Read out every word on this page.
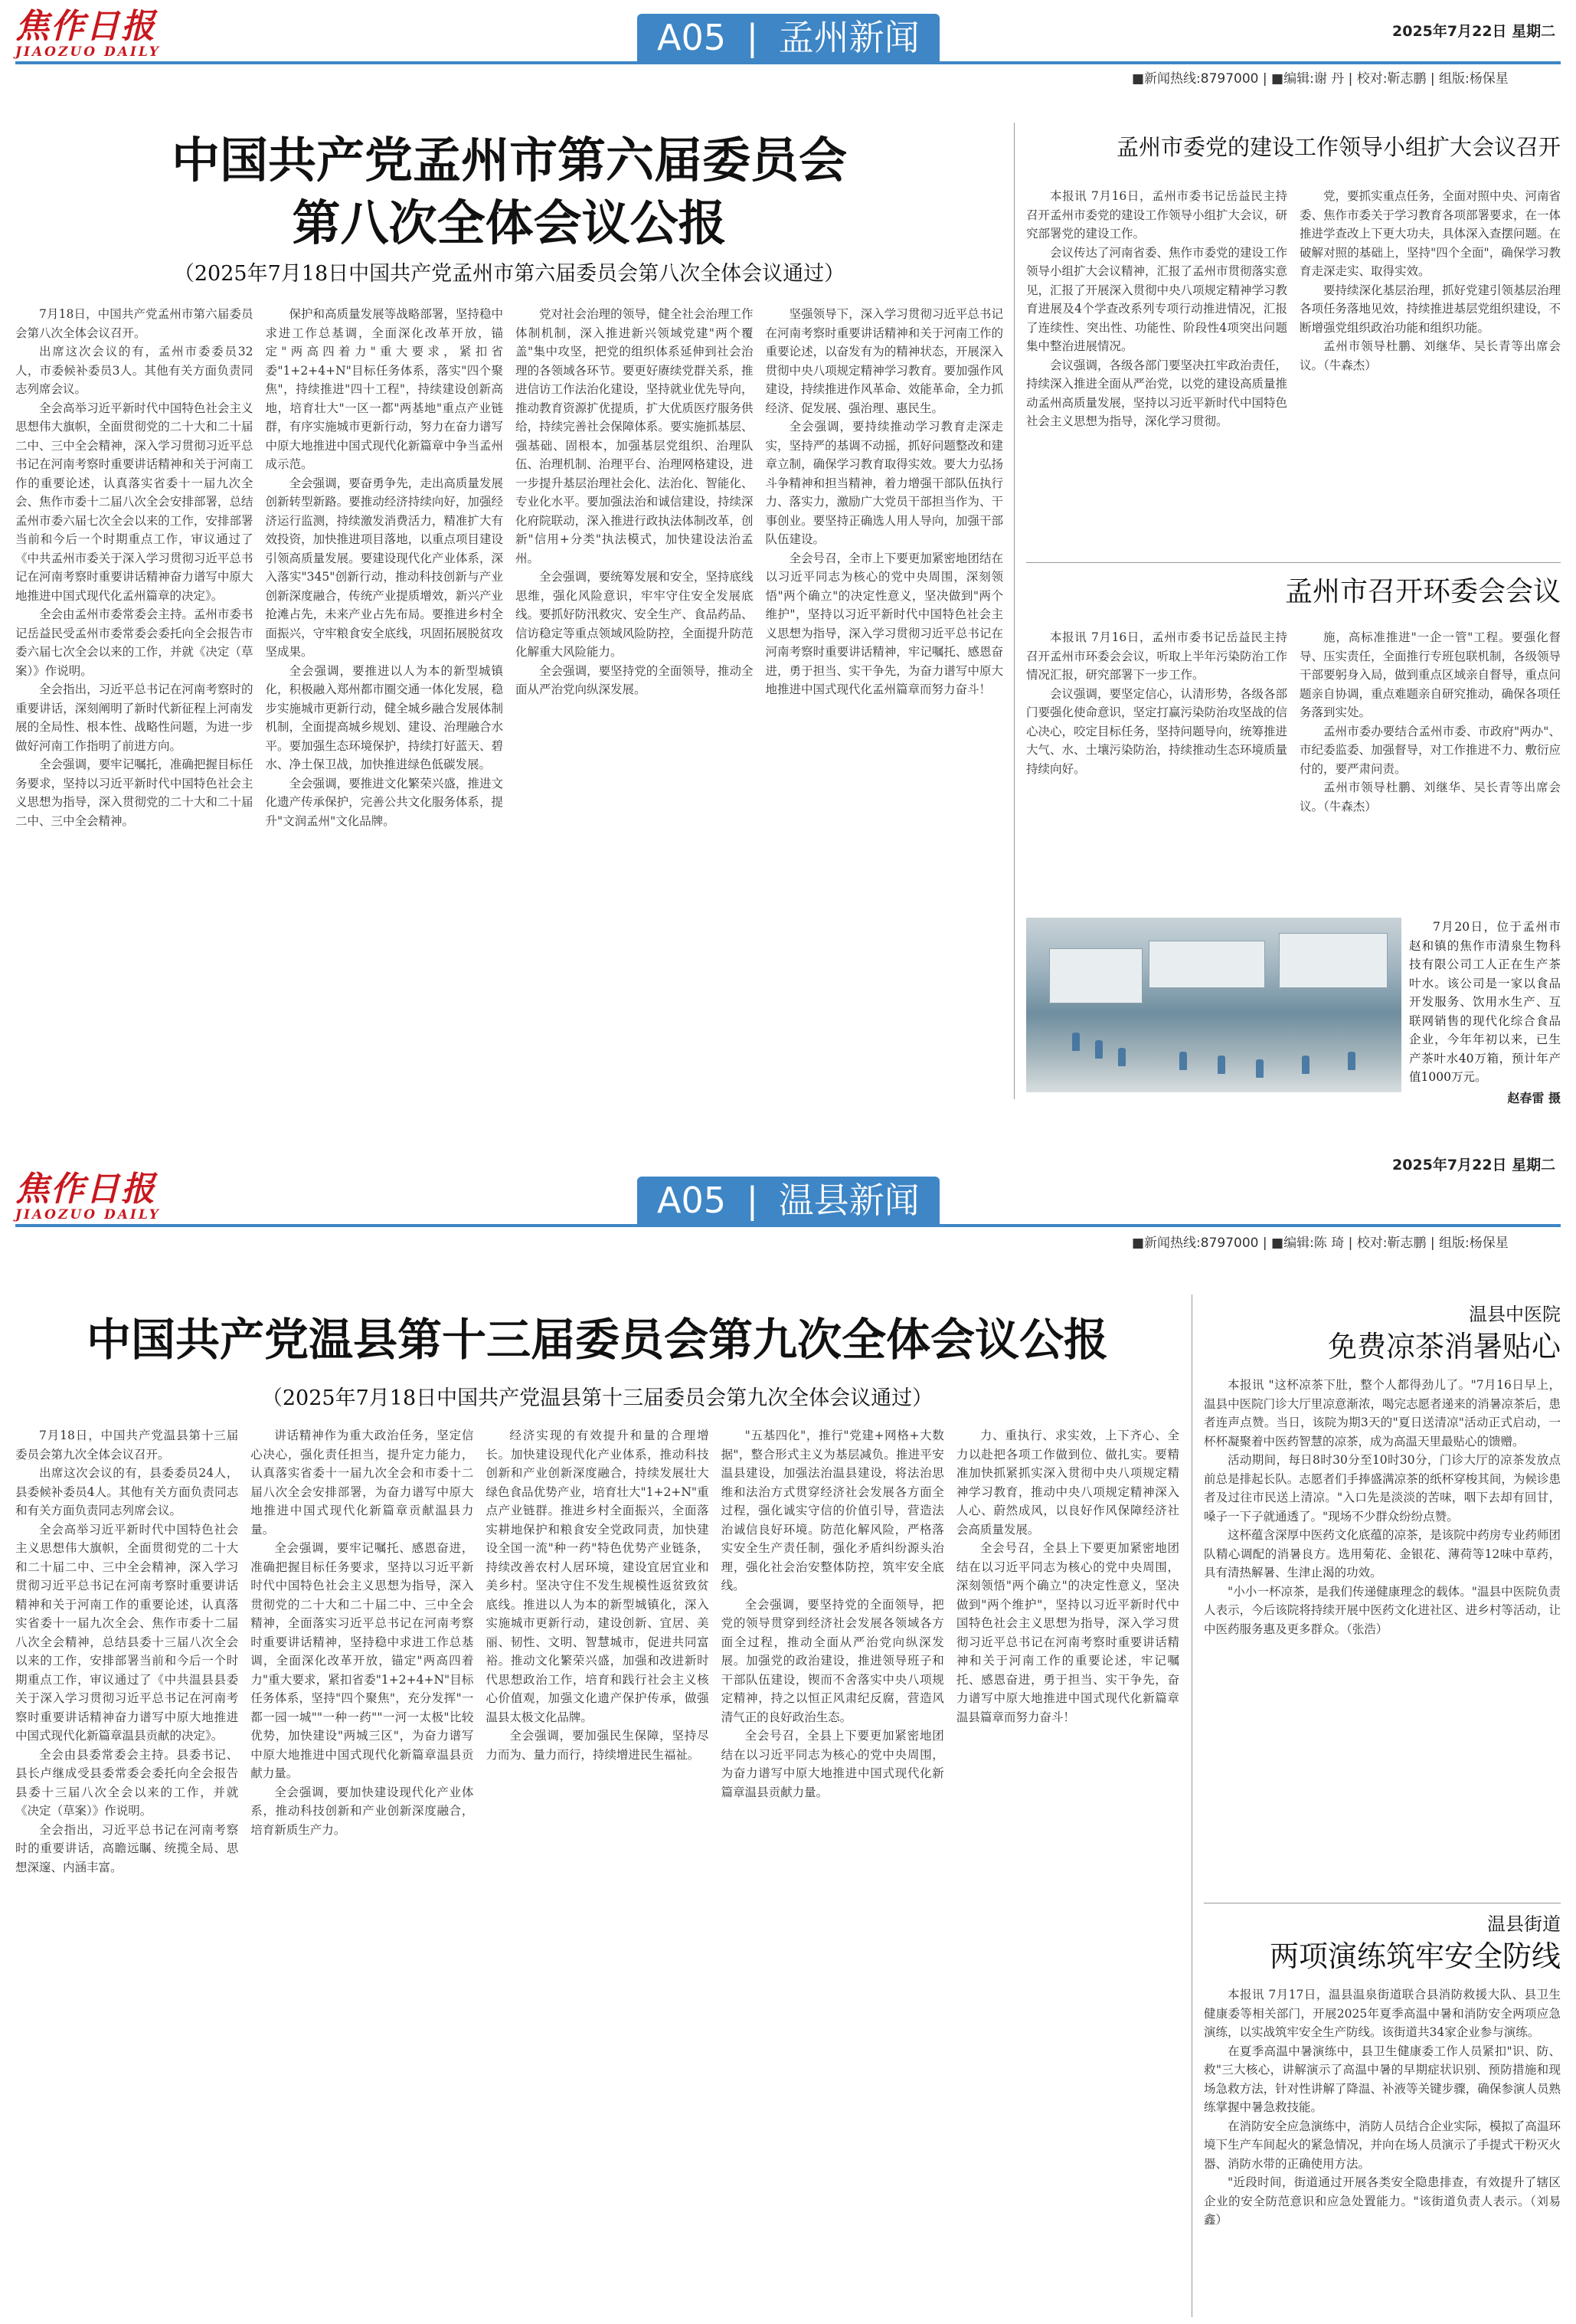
焦作日报
JIAOZUO DAILY	A05 | 孟州新闻	2025年7月22日 星期二
■新闻热线:8797000 | ■编辑:谢 丹 | 校对:靳志鹏 | 组版:杨保星
中国共产党孟州市第六届委员会
第八次全体会议公报
（2025年7月18日中国共产党孟州市第六届委员会第八次全体会议通过）

7月18日，中国共产党孟州市第六届委员会第八次全体会议召开。

出席这次会议的有，孟州市委委员32人，市委候补委员3人。其他有关方面负责同志列席会议。

全会高举习近平新时代中国特色社会主义思想伟大旗帜，全面贯彻党的二十大和二十届二中、三中全会精神，深入学习贯彻习近平总书记在河南考察时重要讲话精神和关于河南工作的重要论述，认真落实省委十一届九次全会、焦作市委十二届八次全会安排部署，总结孟州市委六届七次全会以来的工作，安排部署当前和今后一个时期重点工作，审议通过了《中共孟州市委关于深入学习贯彻习近平总书记在河南考察时重要讲话精神奋力谱写中原大地推进中国式现代化孟州篇章的决定》。

全会由孟州市委常委会主持。孟州市委书记岳益民受孟州市委常委会委托向全会报告市委六届七次全会以来的工作，并就《决定（草案）》作说明。

全会指出，习近平总书记在河南考察时的重要讲话，深刻阐明了新时代新征程上河南发展的全局性、根本性、战略性问题，为进一步做好河南工作指明了前进方向。

全会强调，要牢记嘱托，准确把握目标任务要求，坚持以习近平新时代中国特色社会主义思想为指导，深入贯彻党的二十大和二十届二中、三中全会精神。

保护和高质量发展等战略部署，坚持稳中求进工作总基调，全面深化改革开放，锚定"两高四着力"重大要求，紧扣省委"1+2+4+N"目标任务体系，落实"四个聚焦"，持续推进"四十工程"，持续建设创新高地，培育壮大"一区一都"两基地"重点产业链群，有序实施城市更新行动，努力在奋力谱写中原大地推进中国式现代化新篇章中争当孟州成示范。

全会强调，要奋勇争先，走出高质量发展创新转型新路。要推动经济持续向好，加强经济运行监测，持续激发消费活力，精准扩大有效投资，加快推进项目落地，以重点项目建设引领高质量发展。要建设现代化产业体系，深入落实"345"创新行动，推动科技创新与产业创新深度融合，传统产业提质增效，新兴产业抢滩占先，未来产业占先布局。要推进乡村全面振兴，守牢粮食安全底线，巩固拓展脱贫攻坚成果。

全会强调，要推进以人为本的新型城镇化，积极融入郑州都市圈交通一体化发展，稳步实施城市更新行动，健全城乡融合发展体制机制，全面提高城乡规划、建设、治理融合水平。要加强生态环境保护，持续打好蓝天、碧水、净土保卫战，加快推进绿色低碳发展。

全会强调，要推进文化繁荣兴盛，推进文化遗产传承保护，完善公共文化服务体系，提升"文润孟州"文化品牌。

党对社会治理的领导，健全社会治理工作体制机制，深入推进新兴领域党建"两个覆盖"集中攻坚，把党的组织体系延伸到社会治理的各领域各环节。要更好赓续党群关系，推进信访工作法治化建设，坚持就业优先导向，推动教育资源扩优提质，扩大优质医疗服务供给，持续完善社会保障体系。要实施抓基层、强基础、固根本，加强基层党组织、治理队伍、治理机制、治理平台、治理网格建设，进一步提升基层治理社会化、法治化、智能化、专业化水平。要加强法治和诚信建设，持续深化府院联动，深入推进行政执法体制改革，创新"信用+分类"执法模式，加快建设法治孟州。

全会强调，要统筹发展和安全，坚持底线思维，强化风险意识，牢牢守住安全发展底线。要抓好防汛救灾、安全生产、食品药品、信访稳定等重点领域风险防控，全面提升防范化解重大风险能力。

全会强调，要坚持党的全面领导，推动全面从严治党向纵深发展。

坚强领导下，深入学习贯彻习近平总书记在河南考察时重要讲话精神和关于河南工作的重要论述，以奋发有为的精神状态，开展深入贯彻中央八项规定精神学习教育。要加强作风建设，持续推进作风革命、效能革命，全力抓经济、促发展、强治理、惠民生。

全会强调，要持续推动学习教育走深走实，坚持严的基调不动摇，抓好问题整改和建章立制，确保学习教育取得实效。要大力弘扬斗争精神和担当精神，着力增强干部队伍执行力、落实力，激励广大党员干部担当作为、干事创业。要坚持正确选人用人导向，加强干部队伍建设。

全会号召，全市上下要更加紧密地团结在以习近平同志为核心的党中央周围，深刻领悟"两个确立"的决定性意义，坚决做到"两个维护"，坚持以习近平新时代中国特色社会主义思想为指导，深入学习贯彻习近平总书记在河南考察时重要讲话精神，牢记嘱托、感恩奋进，勇于担当、实干争先，为奋力谱写中原大地推进中国式现代化孟州篇章而努力奋斗！

孟州市委党的建设工作领导小组扩大会议召开

本报讯 7月16日，孟州市委书记岳益民主持召开孟州市委党的建设工作领导小组扩大会议，研究部署党的建设工作。

会议传达了河南省委、焦作市委党的建设工作领导小组扩大会议精神，汇报了孟州市贯彻落实意见，汇报了开展深入贯彻中央八项规定精神学习教育进展及4个学查改系列专项行动推进情况，汇报了连续性、突出性、功能性、阶段性4项突出问题集中整治进展情况。

会议强调，各级各部门要坚决扛牢政治责任，持续深入推进全面从严治党，以党的建设高质量推动孟州高质量发展，坚持以习近平新时代中国特色社会主义思想为指导，深化学习贯彻。

党，要抓实重点任务，全面对照中央、河南省委、焦作市委关于学习教育各项部署要求，在一体推进学查改上下更大功夫，具体深入查摆问题。在破解对照的基础上，坚持"四个全面"，确保学习教育走深走实、取得实效。

要持续深化基层治理，抓好党建引领基层治理各项任务落地见效，持续推进基层党组织建设，不断增强党组织政治功能和组织功能。

孟州市领导杜鹏、刘继华、吴长青等出席会议。（牛森杰）

孟州市召开环委会会议

本报讯 7月16日，孟州市委书记岳益民主持召开孟州市环委会会议，听取上半年污染防治工作情况汇报，研究部署下一步工作。

会议强调，要坚定信心，认清形势，各级各部门要强化使命意识，坚定打赢污染防治攻坚战的信心决心，咬定目标任务，坚持问题导向，统筹推进大气、水、土壤污染防治，持续推动生态环境质量持续向好。

施，高标准推进"一企一管"工程。要强化督导、压实责任，全面推行专班包联机制，各级领导干部要躬身入局，做到重点区域亲自督导，重点问题亲自协调，重点难题亲自研究推动，确保各项任务落到实处。

孟州市委办要结合孟州市委、市政府"两办"、市纪委监委、加强督导，对工作推进不力、敷衍应付的，要严肃问责。

孟州市领导杜鹏、刘继华、吴长青等出席会议。（牛森杰）

7月20日，位于孟州市赵和镇的焦作市清泉生物科技有限公司工人正在生产茶叶水。该公司是一家以食品开发服务、饮用水生产、互联网销售的现代化综合食品企业，今年年初以来，已生产茶叶水40万箱，预计年产值1000万元。

赵春雷 摄
焦作日报
JIAOZUO DAILY	A05 | 温县新闻
2025年7月22日 星期二
■新闻热线:8797000 | ■编辑:陈 琦 | 校对:靳志鹏 | 组版:杨保星
中国共产党温县第十三届委员会第九次全体会议公报
（2025年7月18日中国共产党温县第十三届委员会第九次全体会议通过）

7月18日，中国共产党温县第十三届委员会第九次全体会议召开。

出席这次会议的有，县委委员24人，县委候补委员4人。其他有关方面负责同志和有关方面负责同志列席会议。

全会高举习近平新时代中国特色社会主义思想伟大旗帜，全面贯彻党的二十大和二十届二中、三中全会精神，深入学习贯彻习近平总书记在河南考察时重要讲话精神和关于河南工作的重要论述，认真落实省委十一届九次全会、焦作市委十二届八次全会精神，总结县委十三届八次全会以来的工作，安排部署当前和今后一个时期重点工作，审议通过了《中共温县县委关于深入学习贯彻习近平总书记在河南考察时重要讲话精神奋力谱写中原大地推进中国式现代化新篇章温县贡献的决定》。

全会由县委常委会主持。县委书记、县长卢继成受县委常委会委托向全会报告县委十三届八次全会以来的工作，并就《决定（草案）》作说明。

全会指出，习近平总书记在河南考察时的重要讲话，高瞻远瞩、统揽全局、思想深邃、内涵丰富。

讲话精神作为重大政治任务，坚定信心决心，强化责任担当，提升定力能力，认真落实省委十一届九次全会和市委十二届八次全会安排部署，为奋力谱写中原大地推进中国式现代化新篇章贡献温县力量。

全会强调，要牢记嘱托、感恩奋进，准确把握目标任务要求，坚持以习近平新时代中国特色社会主义思想为指导，深入贯彻党的二十大和二十届二中、三中全会精神，全面落实习近平总书记在河南考察时重要讲话精神，坚持稳中求进工作总基调，全面深化改革开放，锚定"两高四着力"重大要求，紧扣省委"1+2+4+N"目标任务体系，坚持"四个聚焦"，充分发挥"一都一园一城""一种一药""一河一太极"比较优势，加快建设"两城三区"，为奋力谱写中原大地推进中国式现代化新篇章温县贡献力量。

全会强调，要加快建设现代化产业体系，推动科技创新和产业创新深度融合，培育新质生产力。

经济实现的有效提升和量的合理增长。加快建设现代化产业体系，推动科技创新和产业创新深度融合，持续发展壮大绿色食品优势产业，培育壮大"1+2+N"重点产业链群。推进乡村全面振兴，全面落实耕地保护和粮食安全党政同责，加快建设全国一流"种一药"特色优势产业链条，持续改善农村人居环境，建设宜居宜业和美乡村。坚决守住不发生规模性返贫致贫底线。推进以人为本的新型城镇化，深入实施城市更新行动，建设创新、宜居、美丽、韧性、文明、智慧城市，促进共同富裕。推动文化繁荣兴盛，加强和改进新时代思想政治工作，培育和践行社会主义核心价值观，加强文化遗产保护传承，做强温县太极文化品牌。

全会强调，要加强民生保障，坚持尽力而为、量力而行，持续增进民生福祉。

"五基四化"，推行"党建+网格+大数据"，整合形式主义为基层减负。推进平安温县建设，加强法治温县建设，将法治思维和法治方式贯穿经济社会发展各方面全过程，强化诚实守信的价值引导，营造法治诚信良好环境。防范化解风险，严格落实安全生产责任制，强化矛盾纠纷源头治理，强化社会治安整体防控，筑牢安全底线。

全会强调，要坚持党的全面领导，把党的领导贯穿到经济社会发展各领域各方面全过程，推动全面从严治党向纵深发展。加强党的政治建设，推进领导班子和干部队伍建设，锲而不舍落实中央八项规定精神，持之以恒正风肃纪反腐，营造风清气正的良好政治生态。

全会号召，全县上下要更加紧密地团结在以习近平同志为核心的党中央周围，为奋力谱写中原大地推进中国式现代化新篇章温县贡献力量。

力、重执行、求实效，上下齐心、全力以赴把各项工作做到位、做扎实。要精准加快抓紧抓实深入贯彻中央八项规定精神学习教育，推动中央八项规定精神深入人心、蔚然成风，以良好作风保障经济社会高质量发展。

全会号召，全县上下要更加紧密地团结在以习近平同志为核心的党中央周围，深刻领悟"两个确立"的决定性意义，坚决做到"两个维护"，坚持以习近平新时代中国特色社会主义思想为指导，深入学习贯彻习近平总书记在河南考察时重要讲话精神和关于河南工作的重要论述，牢记嘱托、感恩奋进，勇于担当、实干争先，奋力谱写中原大地推进中国式现代化新篇章温县篇章而努力奋斗！

温县中医院
免费凉茶消暑贴心

本报讯 "这杯凉茶下肚，整个人都得劲儿了。"7月16日早上，温县中医院门诊大厅里凉意渐浓，喝完志愿者递来的消暑凉茶后，患者连声点赞。当日，该院为期3天的"夏日送清凉"活动正式启动，一杯杯凝聚着中医药智慧的凉茶，成为高温天里最贴心的馈赠。

活动期间，每日8时30分至10时30分，门诊大厅的凉茶发放点前总是排起长队。志愿者们手捧盛满凉茶的纸杯穿梭其间，为候诊患者及过往市民送上清凉。"入口先是淡淡的苦味，咽下去却有回甘，嗓子一下子就通透了。"现场不少群众纷纷点赞。

这杯蕴含深厚中医药文化底蕴的凉茶，是该院中药房专业药师团队精心调配的消暑良方。选用菊花、金银花、薄荷等12味中草药，具有清热解暑、生津止渴的功效。

"小小一杯凉茶，是我们传递健康理念的载体。"温县中医院负责人表示，今后该院将持续开展中医药文化进社区、进乡村等活动，让中医药服务惠及更多群众。（张浩）

温县街道
两项演练筑牢安全防线

本报讯 7月17日，温县温泉街道联合县消防救援大队、县卫生健康委等相关部门，开展2025年夏季高温中暑和消防安全两项应急演练，以实战筑牢安全生产防线。该街道共34家企业参与演练。

在夏季高温中暑演练中，县卫生健康委工作人员紧扣"识、防、救"三大核心，讲解演示了高温中暑的早期症状识别、预防措施和现场急救方法，针对性讲解了降温、补液等关键步骤，确保参演人员熟练掌握中暑急救技能。

在消防安全应急演练中，消防人员结合企业实际，模拟了高温环境下生产车间起火的紧急情况，并向在场人员演示了手提式干粉灭火器、消防水带的正确使用方法。

"近段时间，街道通过开展各类安全隐患排查，有效提升了辖区企业的安全防范意识和应急处置能力。"该街道负责人表示。（刘易鑫）
